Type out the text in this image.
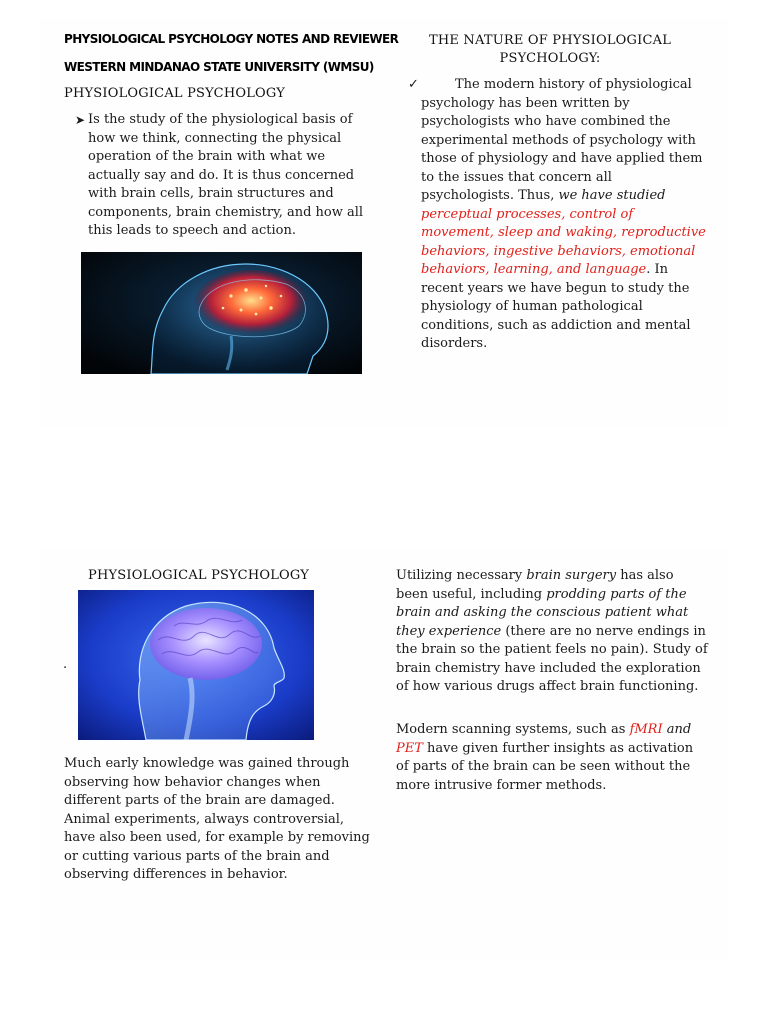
PHYSIOLOGICAL PSYCHOLOGY NOTES AND REVIEWER
WESTERN MINDANAO STATE UNIVERSITY (WMSU)
PHYSIOLOGICAL PSYCHOLOGY
➤ Is the study of the physiological basis of how we think, connecting the physical operation of the brain with what we actually say and do. It is thus concerned with brain cells, brain structures and components, brain chemistry, and how all this leads to speech and action.
THE NATURE OF PHYSIOLOGICAL
PSYCHOLOGY:
✓	The modern history of physiological psychology has been written by psychologists who have combined the experimental methods of psychology with those of physiology and have applied them to the issues that concern all psychologists. Thus, we have studied perceptual processes, control of movement, sleep and waking, reproductive behaviors, ingestive behaviors, emotional behaviors, learning, and language. In recent years we have begun to study the physiology of human pathological conditions, such as addiction and mental disorders.
PHYSIOLOGICAL PSYCHOLOGY
.
Much early knowledge was gained through observing how behavior changes when different parts of the brain are damaged. Animal experiments, always controversial, have also been used, for example by removing or cutting various parts of the brain and observing differences in behavior.
Utilizing necessary brain surgery has also been useful, including prodding parts of the brain and asking the conscious patient what they experience (there are no nerve endings in the brain so the patient feels no pain). Study of brain chemistry have included the exploration of how various drugs affect brain functioning.
Modern scanning systems, such as fMRI and
PET have given further insights as activation of parts of the brain can be seen without the more intrusive former methods.
